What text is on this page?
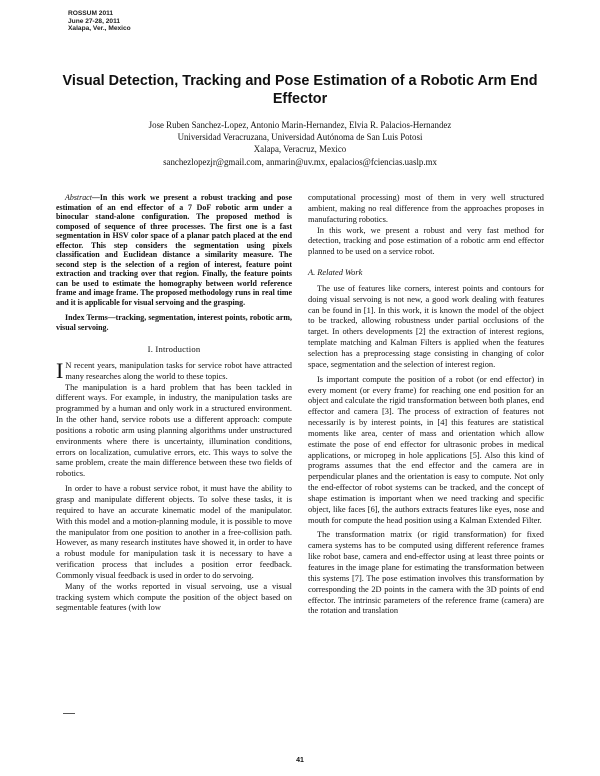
ROSSUM 2011
June 27-28, 2011
Xalapa, Ver., Mexico
Visual Detection, Tracking and Pose Estimation of a Robotic Arm End Effector
Jose Ruben Sanchez-Lopez, Antonio Marin-Hernandez, Elvia R. Palacios-Hernandez
Universidad Veracruzana, Universidad Autónoma de San Luis Potosi
Xalapa, Veracruz, Mexico
sanchezlopezjr@gmail.com, anmarin@uv.mx, epalacios@fciencias.uaslp.mx

Abstract—In this work we present a robust tracking and pose estimation of an end effector of a 7 DoF robotic arm under a binocular stand-alone configuration. The proposed method is composed of sequence of three processes. The first one is a fast segmentation in HSV color space of a planar patch placed at the end effector. This step considers the segmentation using pixels classification and Euclidean distance a similarity measure. The second step is the selection of a region of interest, feature point extraction and tracking over that region. Finally, the feature points can be used to estimate the homography between world reference frame and image frame. The proposed methodology runs in real time and it is applicable for visual servoing and the grasping.

Index Terms—tracking, segmentation, interest points, robotic arm, visual servoing.

I. Introduction

I N recent years, manipulation tasks for service robot have attracted many researches along the world to these topics.

The manipulation is a hard problem that has been tackled in different ways. For example, in industry, the manipulation tasks are programmed by a human and only work in a structured environment. In the other hand, service robots use a different approach: compute positions a robotic arm using planning algorithms under unstructured environments where there is uncertainty, illumination conditions, errors on localization, cumulative errors, etc. This ways to solve the same problem, create the main difference between these two fields of robotics.

In order to have a robust service robot, it must have the ability to grasp and manipulate different objects. To solve these tasks, it is required to have an accurate kinematic model of the manipulator. With this model and a motion-planning module, it is possible to move the manipulator from one position to another in a free-collision path. However, as many research institutes have showed it, in order to have a robust module for manipulation task it is necessary to have a verification process that includes a position error feedback. Commonly visual feedback is used in order to do servoing.

Many of the works reported in visual servoing, use a visual tracking system which compute the position of the object based on segmentable features (with low

computational processing) most of them in very well structured ambient, making no real difference from the approaches proposes in manufacturing robotics.

In this work, we present a robust and very fast method for detection, tracking and pose estimation of a robotic arm end effector planned to be used on a service robot.

A. Related Work

The use of features like corners, interest points and contours for doing visual servoing is not new, a good work dealing with features can be found in [1]. In this work, it is known the model of the object to be tracked, allowing robustness under partial occlusions of the target. In others developments [2] the extraction of interest regions, template matching and Kalman Filters is applied when the features selection has a preprocessing stage consisting in changing of color space, segmentation and the selection of interest region.

Is important compute the position of a robot (or end effector) in every moment (or every frame) for reaching one end position for an object and calculate the rigid transformation between both planes, end effector and camera [3]. The process of extraction of features not necessarily is by interest points, in [4] this features are statistical moments like area, center of mass and orientation which allow estimate the pose of end effector for ultrasonic probes in medical applications, or micropeg in hole applications [5]. Also this kind of programs assumes that the end effector and the camera are in perpendicular planes and the orientation is easy to compute. Not only the end-effector of robot systems can be tracked, and the concept of shape estimation is important when we need tracking and specific object, like faces [6], the authors extracts features like eyes, nose and mouth for compute the head position using a Kalman Extended Filter.

The transformation matrix (or rigid transformation) for fixed camera systems has to be computed using different reference frames like robot base, camera and end-effector using at least three points or features in the image plane for estimating the transformation between this systems [7]. The pose estimation involves this transformation by corresponding the 2D points in the camera with the 3D points of end effector. The intrinsic parameters of the reference frame (camera) are the rotation and translation

41
